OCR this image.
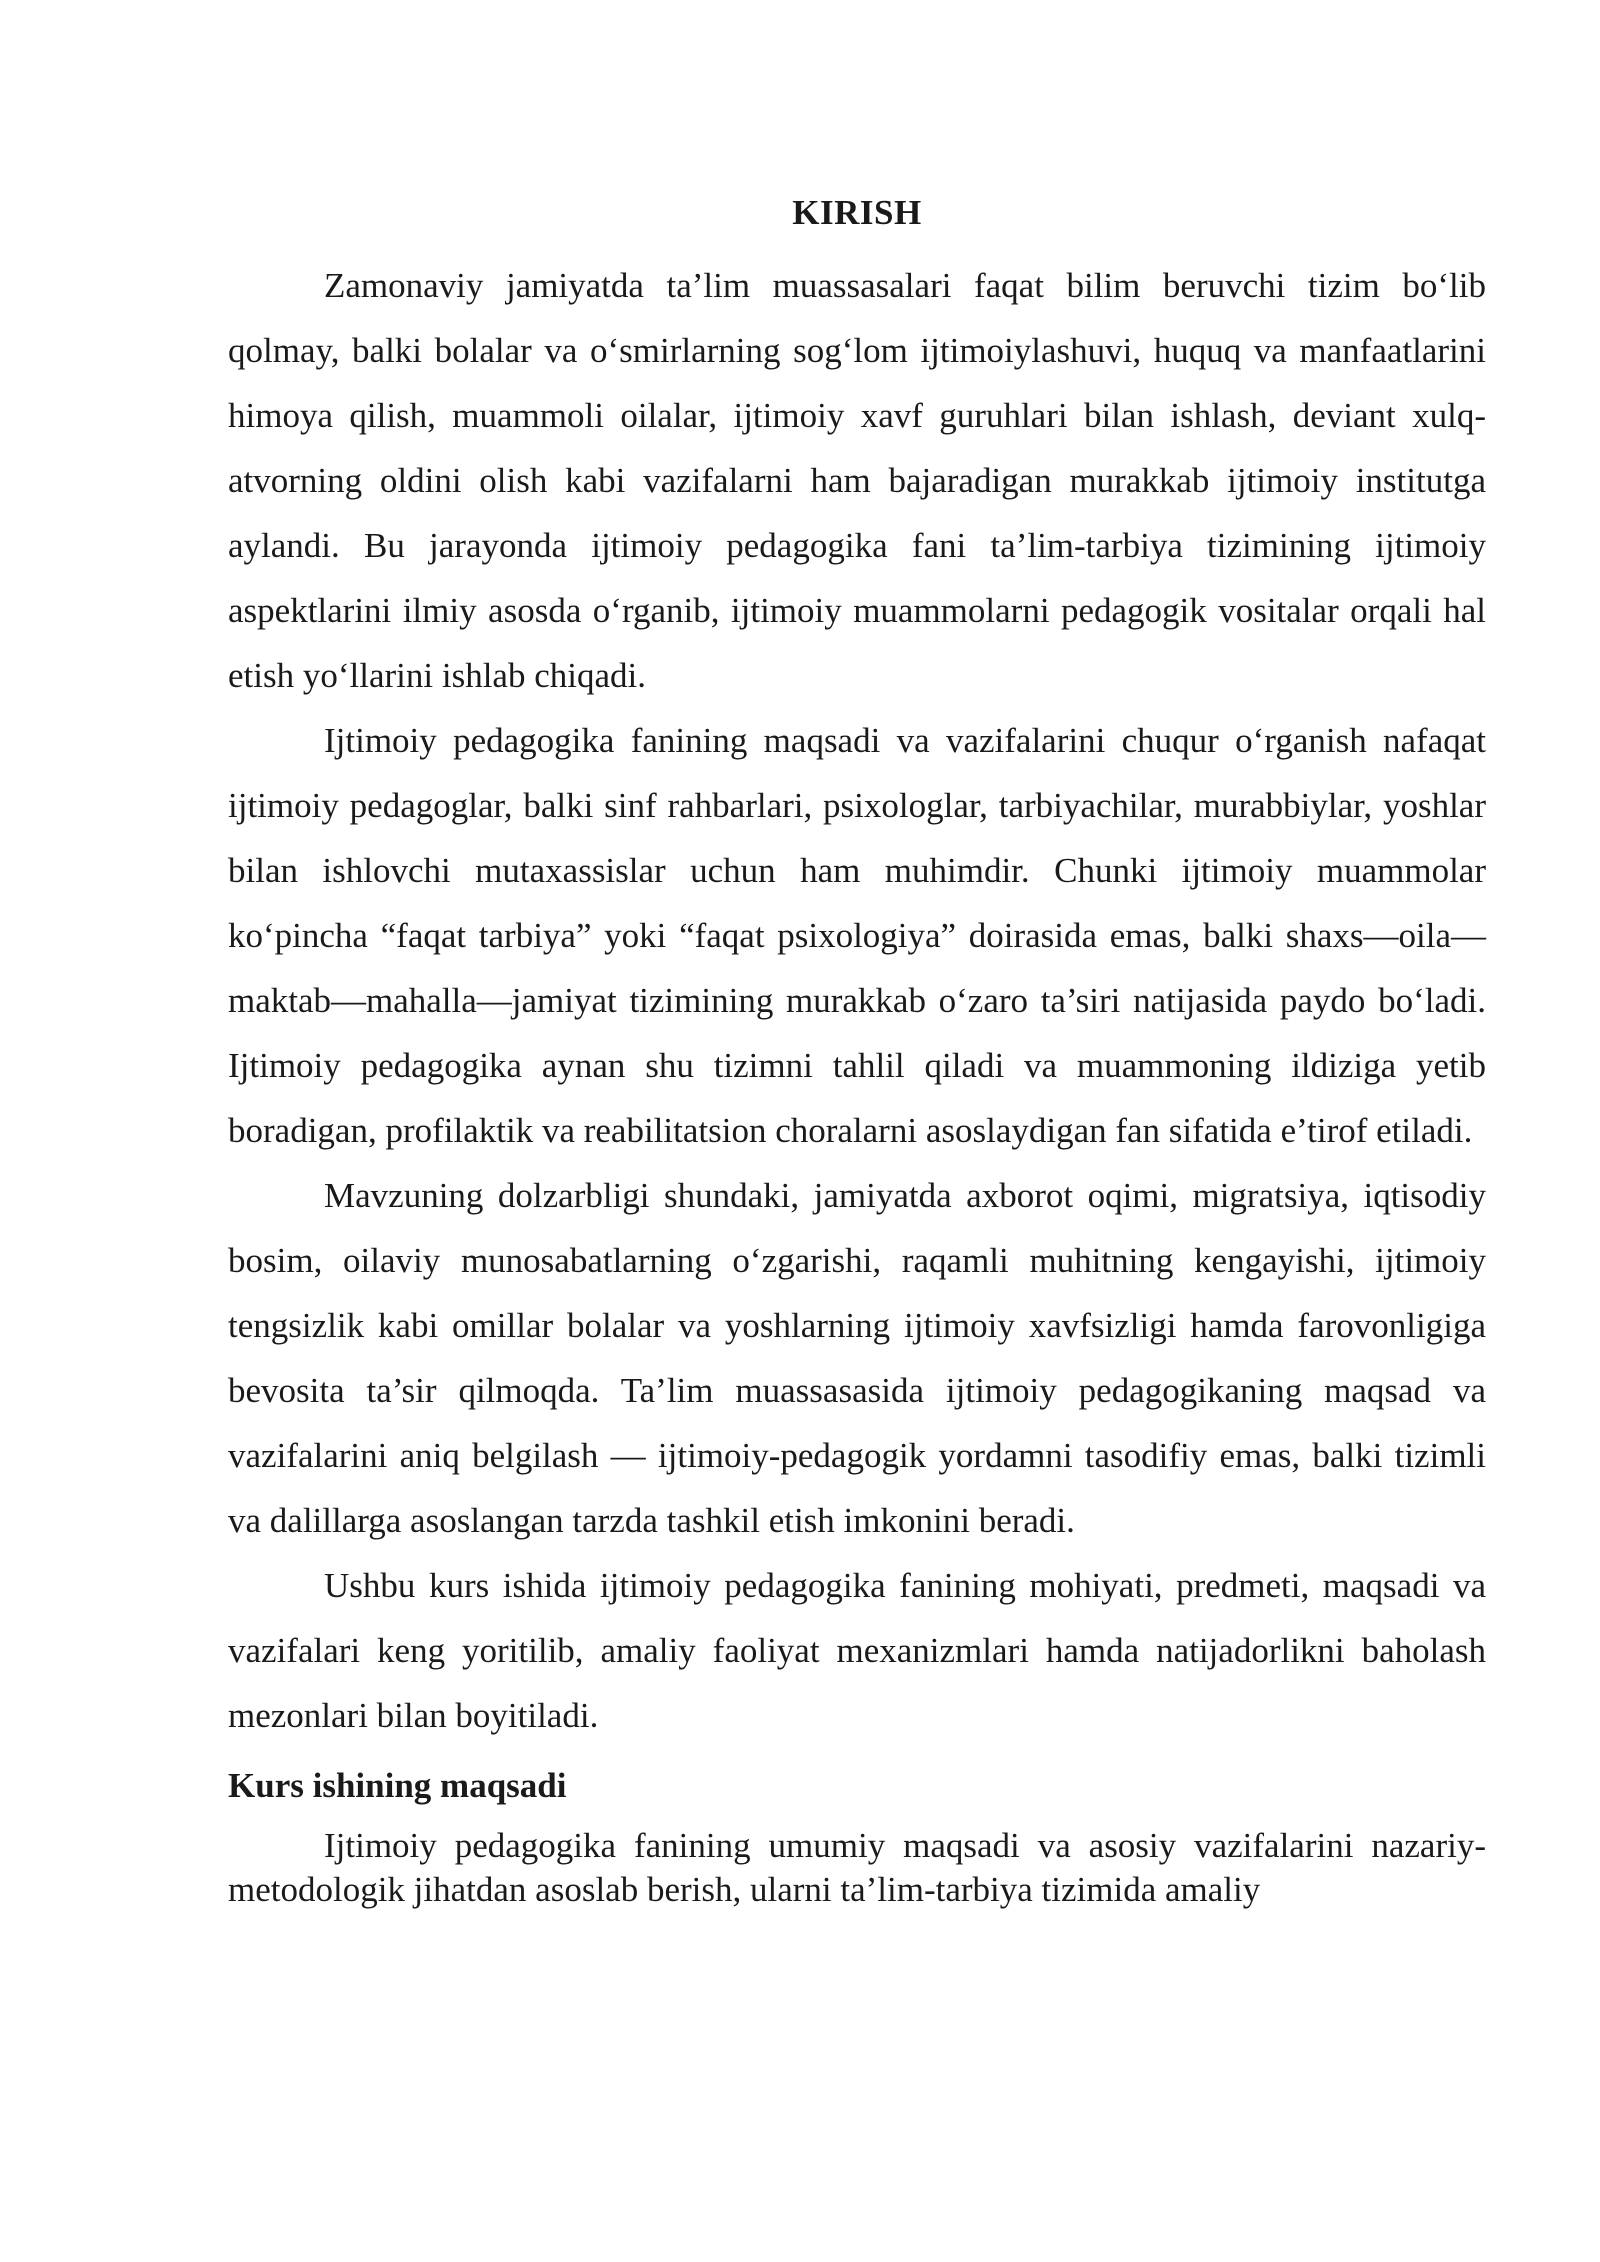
KIRISH

Zamonaviy jamiyatda ta’lim muassasalari faqat bilim beruvchi tizim bo‘lib qolmay, balki bolalar va o‘smirlarning sog‘lom ijtimoiylashuvi, huquq va manfaatlarini himoya qilish, muammoli oilalar, ijtimoiy xavf guruhlari bilan ishlash, deviant xulq-atvorning oldini olish kabi vazifalarni ham bajaradigan murakkab ijtimoiy institutga aylandi. Bu jarayonda ijtimoiy pedagogika fani ta’lim-tarbiya tizimining ijtimoiy aspektlarini ilmiy asosda o‘rganib, ijtimoiy muammolarni pedagogik vositalar orqali hal etish yo‘llarini ishlab chiqadi.

Ijtimoiy pedagogika fanining maqsadi va vazifalarini chuqur o‘rganish nafaqat ijtimoiy pedagoglar, balki sinf rahbarlari, psixologlar, tarbiyachilar, murabbiylar, yoshlar bilan ishlovchi mutaxassislar uchun ham muhimdir. Chunki ijtimoiy muammolar ko‘pincha “faqat tarbiya” yoki “faqat psixologiya” doirasida emas, balki shaxs—oila—maktab—mahalla—jamiyat tizimining murakkab o‘zaro ta’siri natijasida paydo bo‘ladi. Ijtimoiy pedagogika aynan shu tizimni tahlil qiladi va muammoning ildiziga yetib boradigan, profilaktik va reabilitatsion choralarni asoslaydigan fan sifatida e’tirof etiladi.

Mavzuning dolzarbligi shundaki, jamiyatda axborot oqimi, migratsiya, iqtisodiy bosim, oilaviy munosabatlarning o‘zgarishi, raqamli muhitning kengayishi, ijtimoiy tengsizlik kabi omillar bolalar va yoshlarning ijtimoiy xavfsizligi hamda farovonligiga bevosita ta’sir qilmoqda. Ta’lim muassasasida ijtimoiy pedagogikaning maqsad va vazifalarini aniq belgilash — ijtimoiy-pedagogik yordamni tasodifiy emas, balki tizimli va dalillarga asoslangan tarzda tashkil etish imkonini beradi.

Ushbu kurs ishida ijtimoiy pedagogika fanining mohiyati, predmeti, maqsadi va vazifalari keng yoritilib, amaliy faoliyat mexanizmlari hamda natijadorlikni baholash mezonlari bilan boyitiladi.

Kurs ishining maqsadi

Ijtimoiy pedagogika fanining umumiy maqsadi va asosiy vazifalarini nazariy-metodologik jihatdan asoslab berish, ularni ta’lim-tarbiya tizimida amaliy
